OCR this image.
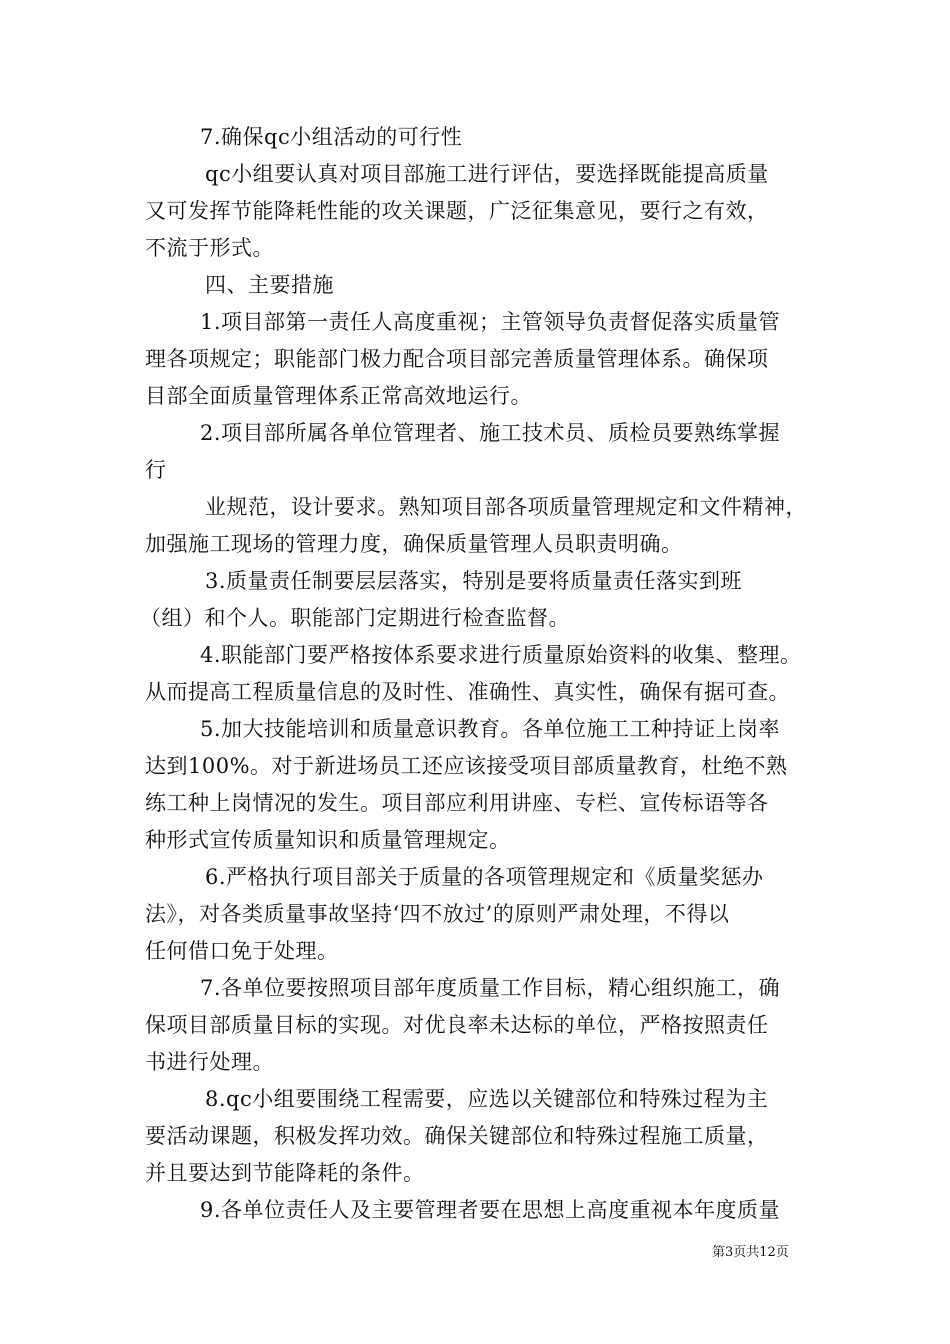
7.确保qc小组活动的可行性

qc小组要认真对项目部施工进行评估，要选择既能提高质量

又可发挥节能降耗性能的攻关课题，广泛征集意见，要行之有效，

不流于形式。

四、主要措施

1.项目部第一责任人高度重视；主管领导负责督促落实质量管

理各项规定；职能部门极力配合项目部完善质量管理体系。确保项

目部全面质量管理体系正常高效地运行。

2.项目部所属各单位管理者、施工技术员、质检员要熟练掌握

行

业规范，设计要求。熟知项目部各项质量管理规定和文件精神，

加强施工现场的管理力度，确保质量管理人员职责明确。

3.质量责任制要层层落实，特别是要将质量责任落实到班

（组）和个人。职能部门定期进行检查监督。

4.职能部门要严格按体系要求进行质量原始资料的收集、整理。

从而提高工程质量信息的及时性、准确性、真实性，确保有据可查。

5.加大技能培训和质量意识教育。各单位施工工种持证上岗率

达到100%。对于新进场员工还应该接受项目部质量教育，杜绝不熟

练工种上岗情况的发生。项目部应利用讲座、专栏、宣传标语等各

种形式宣传质量知识和质量管理规定。

6.严格执行项目部关于质量的各项管理规定和《质量奖惩办

法》，对各类质量事故坚持‘四不放过’的原则严肃处理，不得以

任何借口免于处理。

7.各单位要按照项目部年度质量工作目标，精心组织施工，确

保项目部质量目标的实现。对优良率未达标的单位，严格按照责任

书进行处理。

8.qc小组要围绕工程需要，应选以关键部位和特殊过程为主

要活动课题，积极发挥功效。确保关键部位和特殊过程施工质量，

并且要达到节能降耗的条件。

9.各单位责任人及主要管理者要在思想上高度重视本年度质量

第3页共12页
